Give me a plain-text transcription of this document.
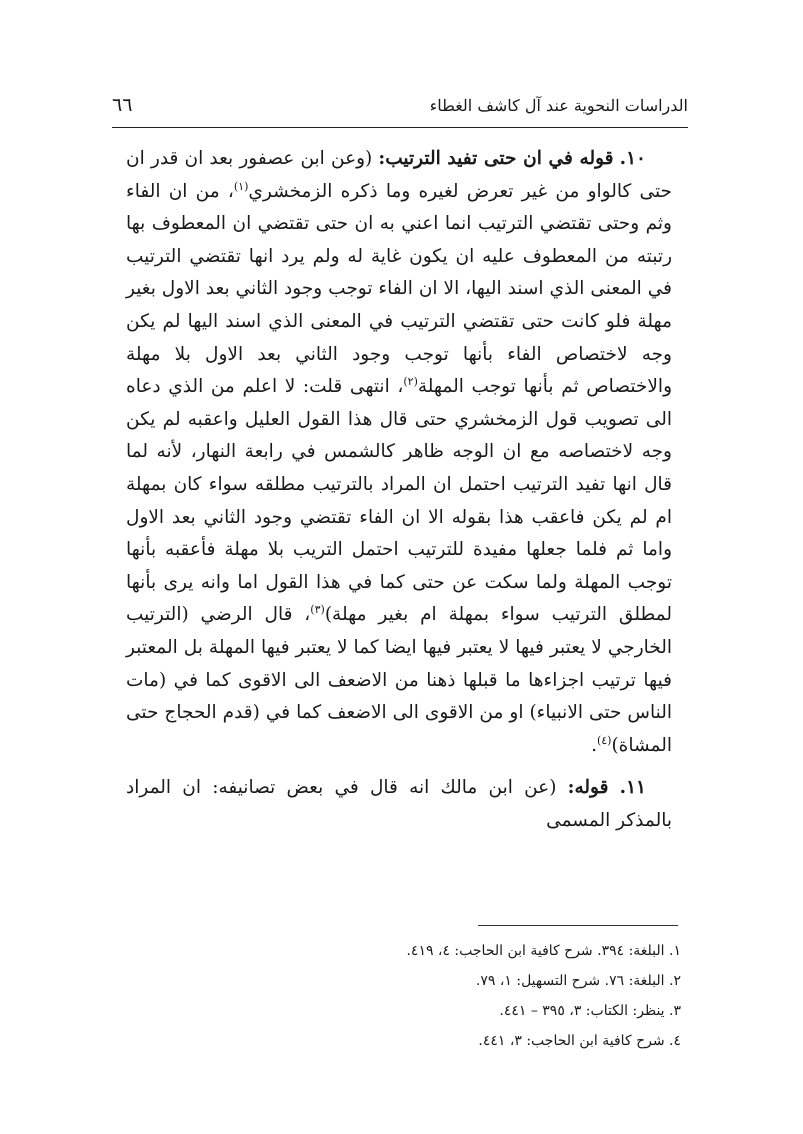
الدراسات النحوية عند آل كاشف الغطاء
٦٦

١٠. قوله في ان حتى تفيد الترتيب: (وعن ابن عصفور بعد ان قدر ان حتى كالواو من غير تعرض لغيره وما ذكره الزمخشري$^{(١)}$، من ان الفاء وثم وحتى تقتضي الترتيب انما اعني به ان حتى تقتضي ان المعطوف بها رتبته من المعطوف عليه ان يكون غاية له ولم يرد انها تقتضي الترتيب في المعنى الذي اسند اليها، الا ان الفاء توجب وجود الثاني بعد الاول بغير مهلة فلو كانت حتى تقتضي الترتيب في المعنى الذي اسند اليها لم يكن وجه لاختصاص الفاء بأنها توجب وجود الثاني بعد الاول بلا مهلة والاختصاص ثم بأنها توجب المهلة$^{(٢)}$، انتهى قلت: لا اعلم من الذي دعاه الى تصويب قول الزمخشري حتى قال هذا القول العليل واعقبه لم يكن وجه لاختصاصه مع ان الوجه ظاهر كالشمس في رابعة النهار، لأنه لما قال انها تفيد الترتيب احتمل ان المراد بالترتيب مطلقه سواء كان بمهلة ام لم يكن فاعقب هذا بقوله الا ان الفاء تقتضي وجود الثاني بعد الاول واما ثم فلما جعلها مفيدة للترتيب احتمل التريب بلا مهلة فأعقبه بأنها توجب المهلة ولما سكت عن حتى كما في هذا القول اما وانه يرى بأنها لمطلق الترتيب سواء بمهلة ام بغير مهلة)$^{(٣)}$، قال الرضي (الترتيب الخارجي لا يعتبر فيها لا يعتبر فيها ايضا كما لا يعتبر فيها المهلة بل المعتبر فيها ترتيب اجزاءها ما قبلها ذهنا من الاضعف الى الاقوى كما في (مات الناس حتى الانبياء) او من الاقوى الى الاضعف كما في (قدم الحجاج حتى المشاة)$^{(٤)}$.

١١. قوله: (عن ابن مالك انه قال في بعض تصانيفه: ان المراد بالمذكر المسمى

١. البلغة: ٣٩٤. شرح كافية ابن الحاجب: ٤، ٤١٩.

٢. البلغة: ٧٦. شرح التسهيل: ١، ٧٩.

٣. ينظر: الكتاب: ٣، ٣٩٥ – ٤٤١.

٤. شرح كافية ابن الحاجب: ٣، ٤٤١.
